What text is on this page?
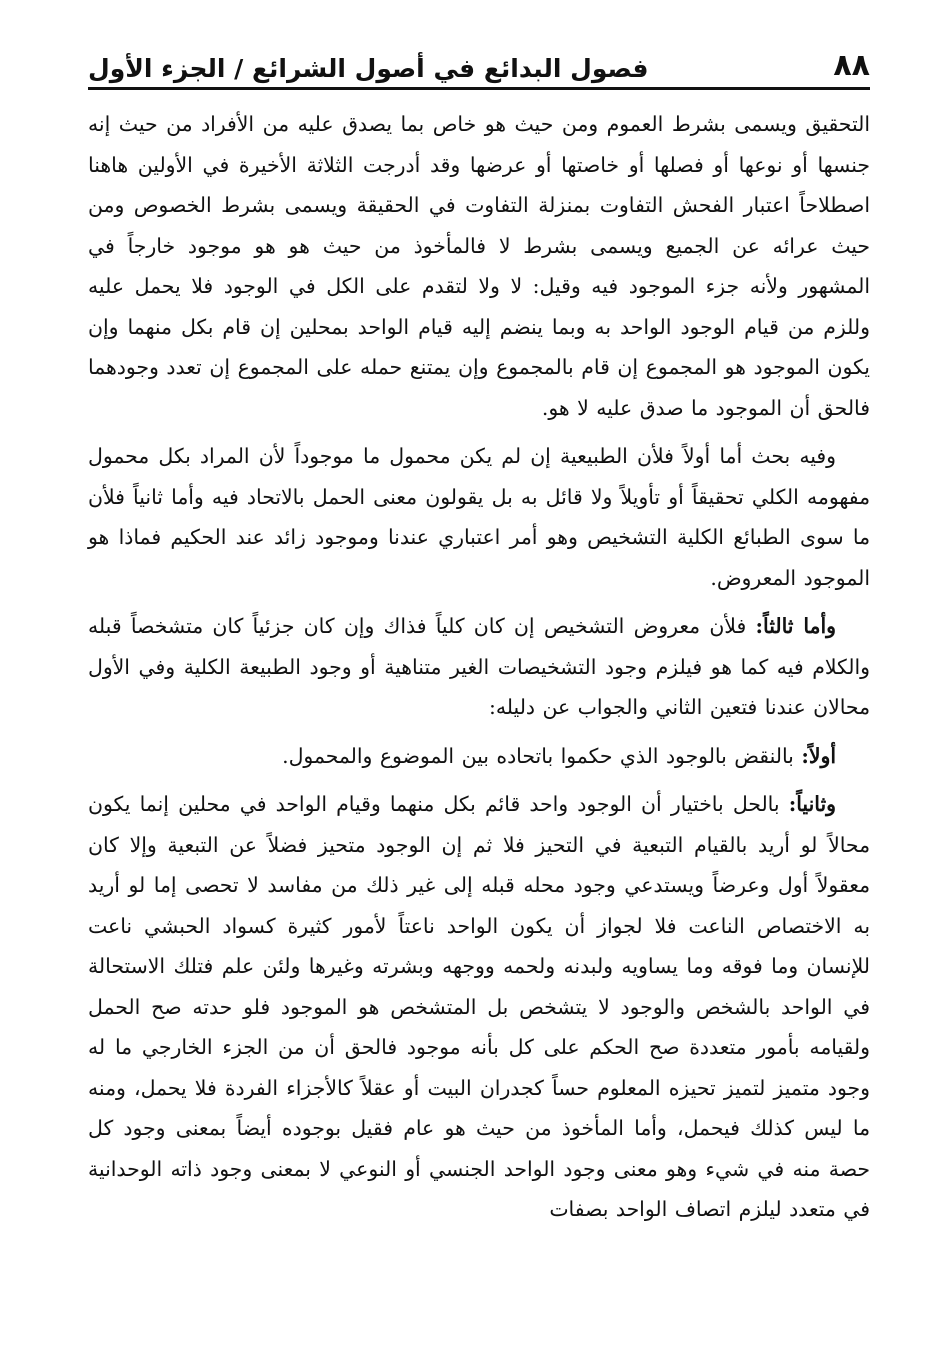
٨٨
فصول البدائع في أصول الشرائع / الجزء الأول

التحقيق ويسمى بشرط العموم ومن حيث هو خاص بما يصدق عليه من الأفراد من حيث إنه جنسها أو نوعها أو فصلها أو خاصتها أو عرضها وقد أدرجت الثلاثة الأخيرة في الأولين هاهنا اصطلاحاً اعتبار الفحش التفاوت بمنزلة التفاوت في الحقيقة ويسمى بشرط الخصوص ومن حيث عرائه عن الجميع ويسمى بشرط لا فالمأخوذ من حيث هو هو موجود خارجاً في المشهور ولأنه جزء الموجود فيه وقيل: لا ولا لتقدم على الكل في الوجود فلا يحمل عليه وللزم من قيام الوجود الواحد به وبما ينضم إليه قيام الواحد بمحلين إن قام بكل منهما وإن يكون الموجود هو المجموع إن قام بالمجموع وإن يمتنع حمله على المجموع إن تعدد وجودهما فالحق أن الموجود ما صدق عليه لا هو.

وفيه بحث أما أولاً فلأن الطبيعية إن لم يكن محمول ما موجوداً لأن المراد بكل محمول مفهومه الكلي تحقيقاً أو تأويلاً ولا قائل به بل يقولون معنى الحمل بالاتحاد فيه وأما ثانياً فلأن ما سوى الطبائع الكلية التشخيص وهو أمر اعتباري عندنا وموجود زائد عند الحكيم فماذا هو الموجود المعروض.

وأما ثالثاً: فلأن معروض التشخيص إن كان كلياً فذاك وإن كان جزئياً كان متشخصاً قبله والكلام فيه كما هو فيلزم وجود التشخيصات الغير متناهية أو وجود الطبيعة الكلية وفي الأول محالان عندنا فتعين الثاني والجواب عن دليله:

أولاً: بالنقض بالوجود الذي حكموا باتحاده بين الموضوع والمحمول.

وثانياً: بالحل باختيار أن الوجود واحد قائم بكل منهما وقيام الواحد في محلين إنما يكون محالاً لو أريد بالقيام التبعية في التحيز فلا ثم إن الوجود متحيز فضلاً عن التبعية وإلا كان معقولاً أول وعرضاً ويستدعي وجود محله قبله إلى غير ذلك من مفاسد لا تحصى إما لو أريد به الاختصاص الناعت فلا لجواز أن يكون الواحد ناعتاً لأمور كثيرة كسواد الحبشي ناعت للإنسان وما فوقه وما يساويه ولبدنه ولحمه ووجهه وبشرته وغيرها ولئن علم فتلك الاستحالة في الواحد بالشخص والوجود لا يتشخص بل المتشخص هو الموجود فلو حدته صح الحمل ولقيامه بأمور متعددة صح الحكم على كل بأنه موجود فالحق أن من الجزء الخارجي ما له وجود متميز لتميز تحيزه المعلوم حساً كجدران البيت أو عقلاً كالأجزاء الفردة فلا يحمل، ومنه ما ليس كذلك فيحمل، وأما المأخوذ من حيث هو عام فقيل بوجوده أيضاً بمعنى وجود كل حصة منه في شيء وهو معنى وجود الواحد الجنسي أو النوعي لا بمعنى وجود ذاته الوحدانية في متعدد ليلزم اتصاف الواحد بصفات
